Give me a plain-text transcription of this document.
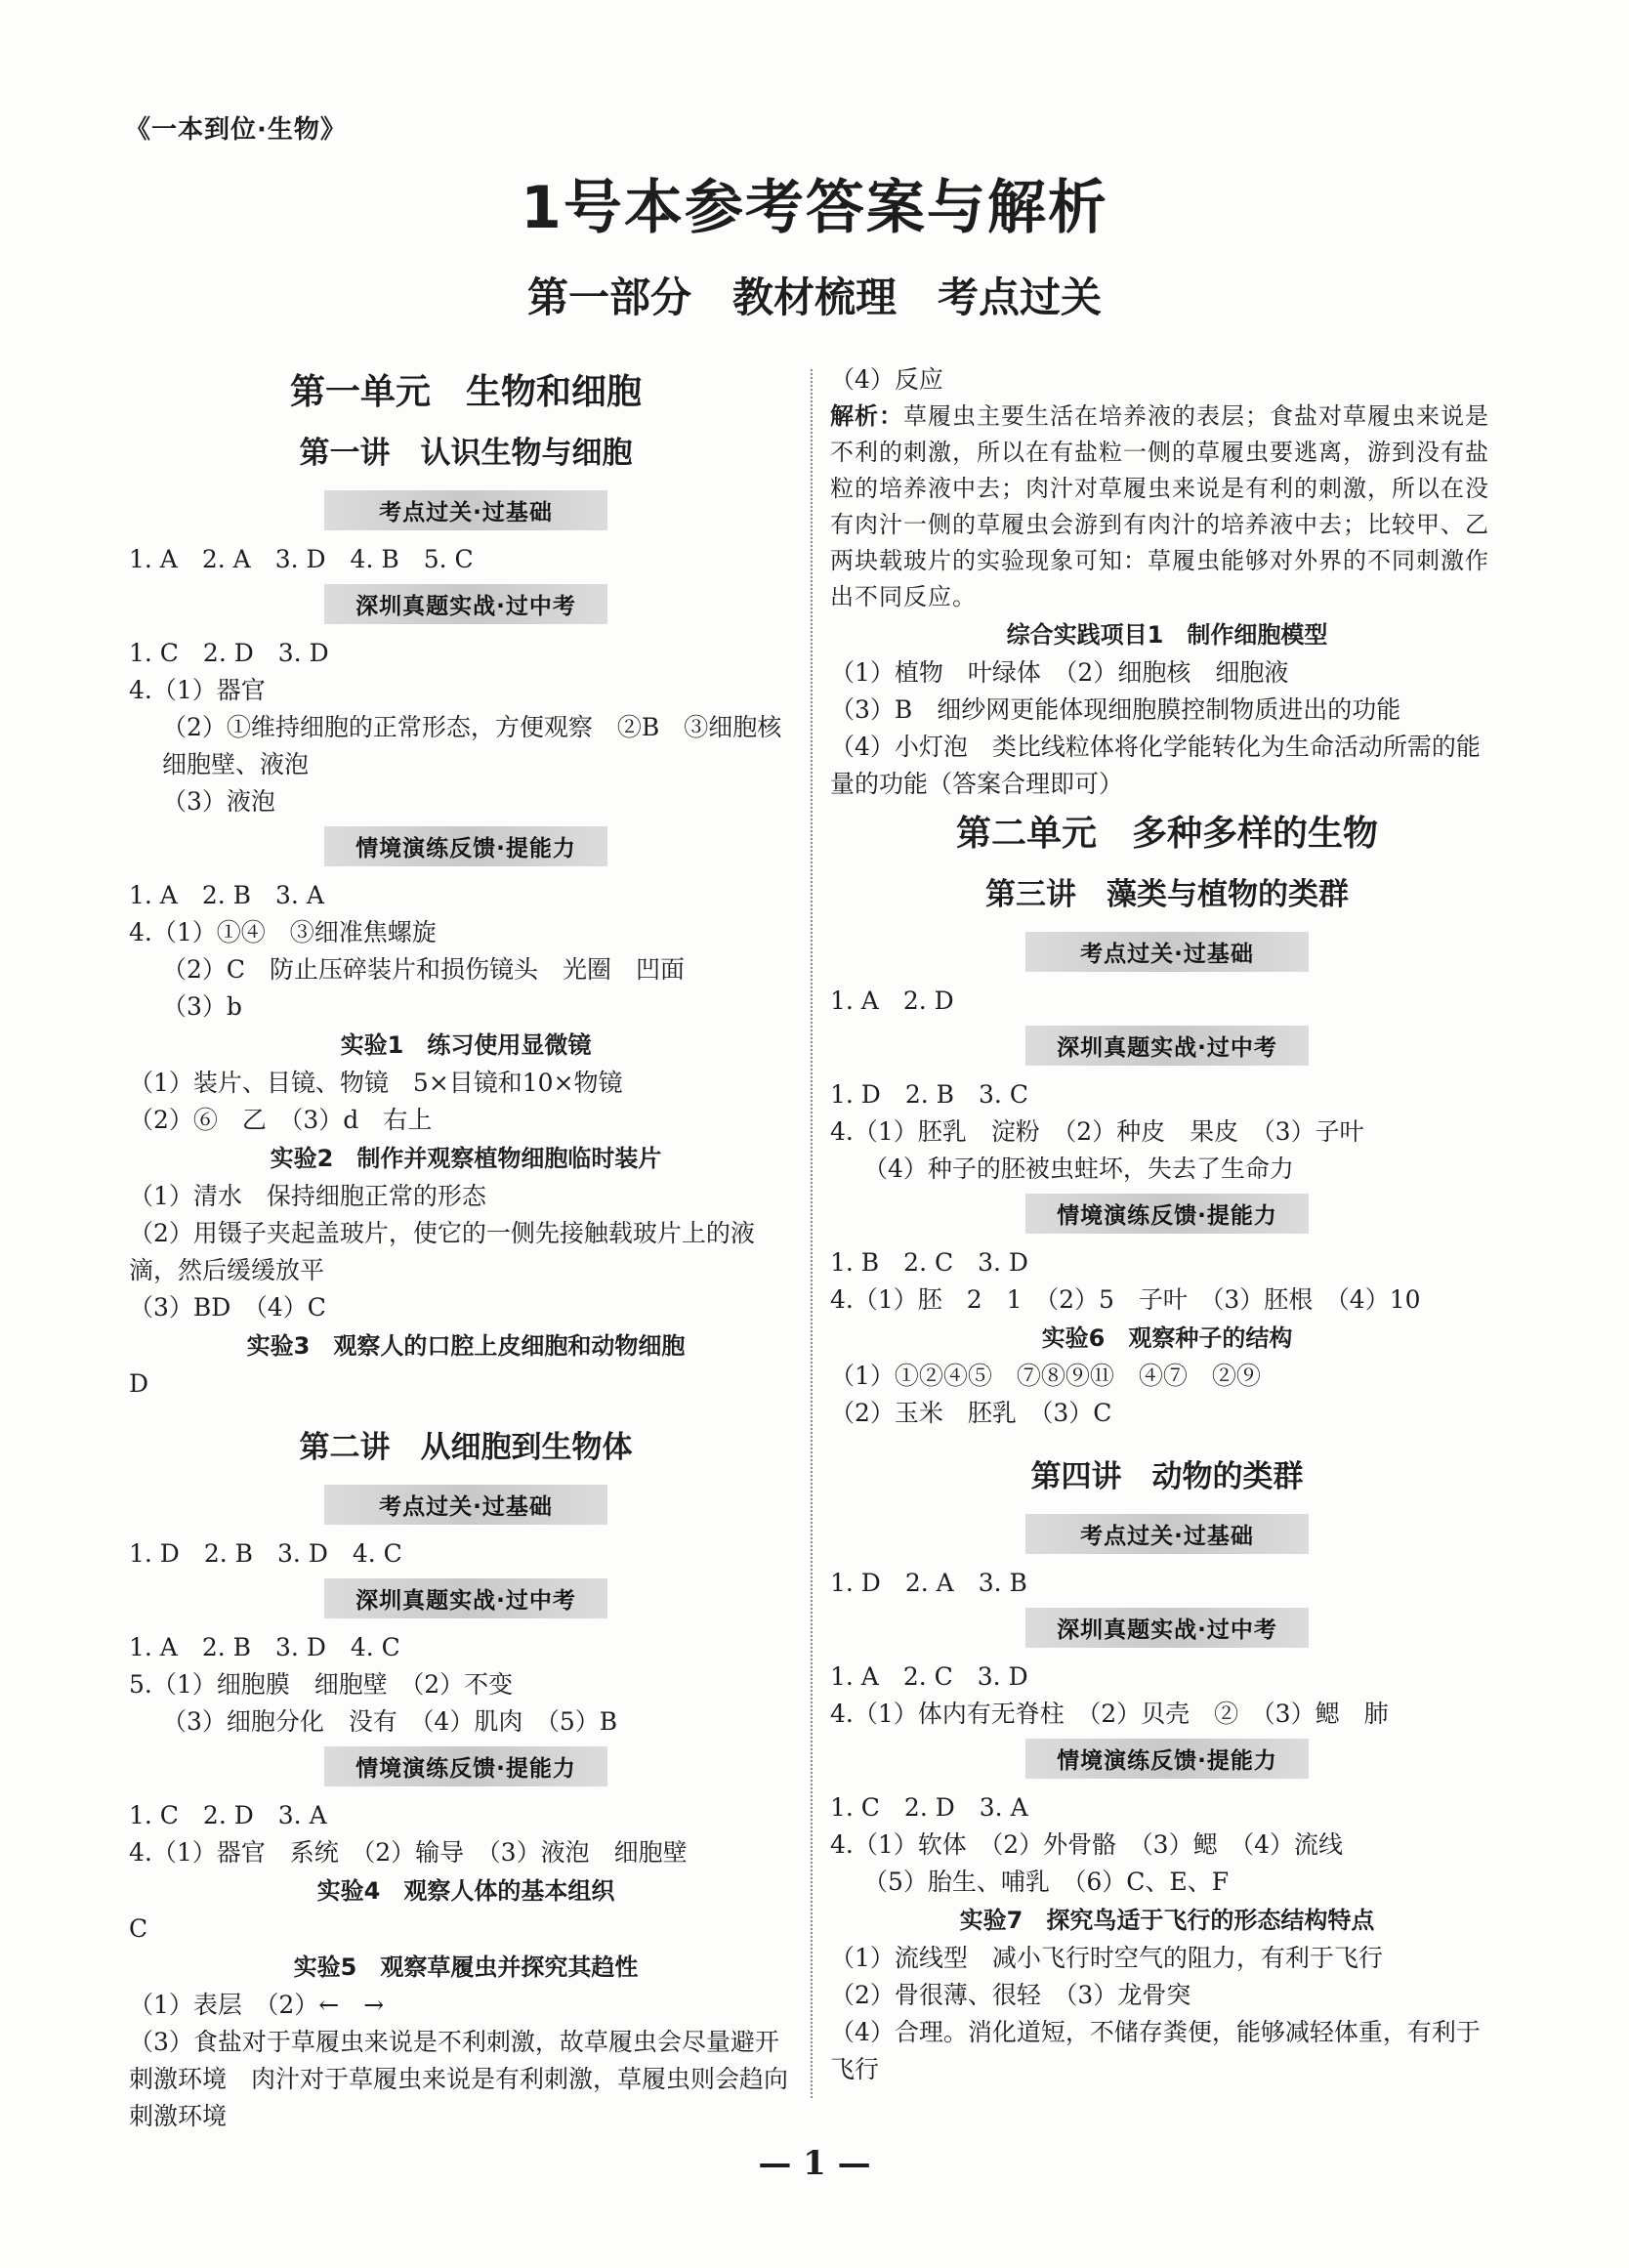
《一本到位·生物》
1号本参考答案与解析
第一部分　教材梳理　考点过关
第一单元　生物和细胞
第一讲　认识生物与细胞
考点过关·过基础
1. A　2. A　3. D　4. B　5. C
深圳真题实战·过中考
1. C　2. D　3. D
4.（1）器官
（2）①维持细胞的正常形态，方便观察　②B　③细胞核　细胞壁、液泡
（3）液泡
情境演练反馈·提能力
1. A　2. B　3. A
4.（1）①④　③细准焦螺旋
（2）C　防止压碎装片和损伤镜头　光圈　凹面
（3）b
实验1　练习使用显微镜
（1）装片、目镜、物镜　5×目镜和10×物镜
（2）⑥　乙　（3）d　右上
实验2　制作并观察植物细胞临时装片
（1）清水　保持细胞正常的形态
（2）用镊子夹起盖玻片，使它的一侧先接触载玻片上的液滴，然后缓缓放平
（3）BD　（4）C
实验3　观察人的口腔上皮细胞和动物细胞
D
第二讲　从细胞到生物体
考点过关·过基础
1. D　2. B　3. D　4. C
深圳真题实战·过中考
1. A　2. B　3. D　4. C
5.（1）细胞膜　细胞壁　（2）不变
（3）细胞分化　没有　（4）肌肉　（5）B
情境演练反馈·提能力
1. C　2. D　3. A
4.（1）器官　系统　（2）输导　（3）液泡　细胞壁
实验4　观察人体的基本组织
C
实验5　观察草履虫并探究其趋性
（1）表层　（2）←　→
（3）食盐对于草履虫来说是不利刺激，故草履虫会尽量避开刺激环境　肉汁对于草履虫来说是有利刺激，草履虫则会趋向刺激环境
（4）反应
解析：草履虫主要生活在培养液的表层；食盐对草履虫来说是不利的刺激，所以在有盐粒一侧的草履虫要逃离，游到没有盐粒的培养液中去；肉汁对草履虫来说是有利的刺激，所以在没有肉汁一侧的草履虫会游到有肉汁的培养液中去；比较甲、乙两块载玻片的实验现象可知：草履虫能够对外界的不同刺激作出不同反应。
综合实践项目1　制作细胞模型
（1）植物　叶绿体　（2）细胞核　细胞液
（3）B　细纱网更能体现细胞膜控制物质进出的功能
（4）小灯泡　类比线粒体将化学能转化为生命活动所需的能量的功能（答案合理即可）
第二单元　多种多样的生物
第三讲　藻类与植物的类群
考点过关·过基础
1. A　2. D
深圳真题实战·过中考
1. D　2. B　3. C
4.（1）胚乳　淀粉　（2）种皮　果皮　（3）子叶
（4）种子的胚被虫蛀坏，失去了生命力
情境演练反馈·提能力
1. B　2. C　3. D
4.（1）胚　2　1　（2）5　子叶　（3）胚根　（4）10
实验6　观察种子的结构
（1）①②④⑤　⑦⑧⑨⑪　④⑦　②⑨
（2）玉米　胚乳　（3）C
第四讲　动物的类群
考点过关·过基础
1. D　2. A　3. B
深圳真题实战·过中考
1. A　2. C　3. D
4.（1）体内有无脊柱　（2）贝壳　②　（3）鳃　肺
情境演练反馈·提能力
1. C　2. D　3. A
4.（1）软体　（2）外骨骼　（3）鳃　（4）流线
（5）胎生、哺乳　（6）C、E、F
实验7　探究鸟适于飞行的形态结构特点
（1）流线型　减小飞行时空气的阻力，有利于飞行
（2）骨很薄、很轻　（3）龙骨突
（4）合理。消化道短，不储存粪便，能够减轻体重，有利于飞行
— 1 —
